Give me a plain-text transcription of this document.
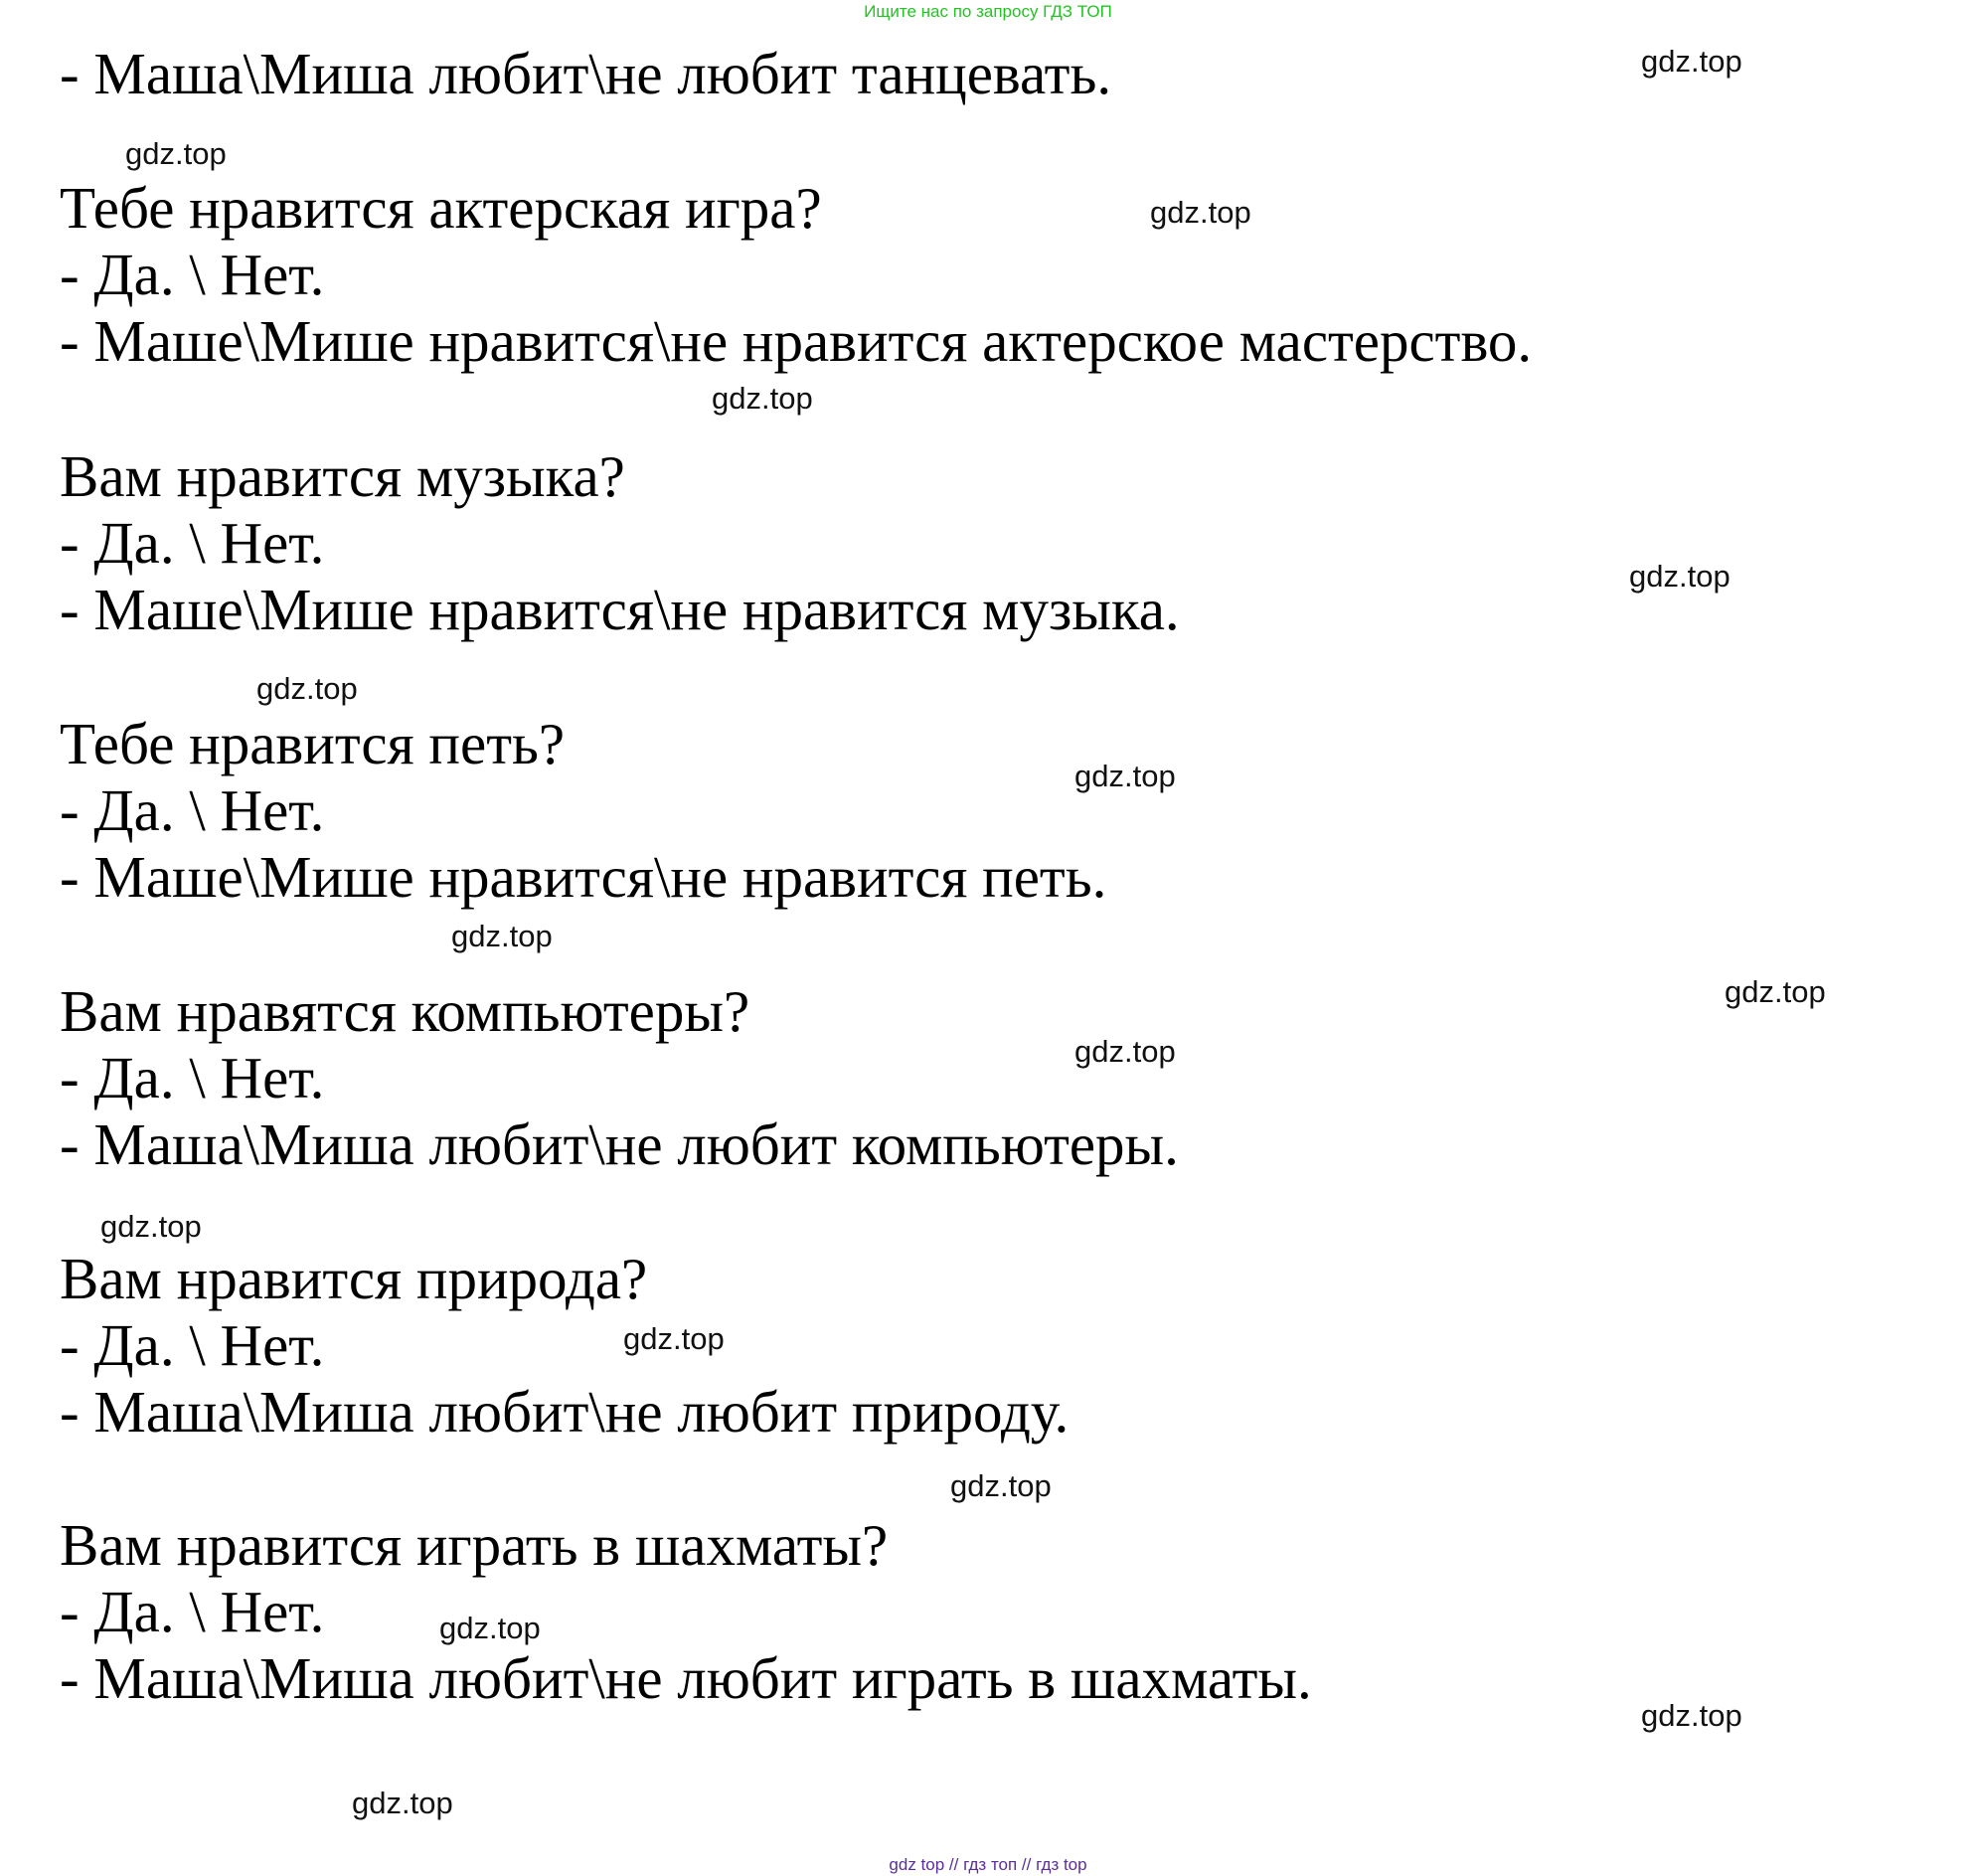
Ищите нас по запросу ГДЗ ТОП
- Маша\Миша любит\не любит танцевать.
Тебе нравится актерская игра?
- Да. \ Нет.
- Маше\Мише нравится\не нравится актерское мастерство.
Вам нравится музыка?
- Да. \ Нет.
- Маше\Мише нравится\не нравится музыка.
Тебе нравится петь?
- Да. \ Нет.
- Маше\Мише нравится\не нравится петь.
Вам нравятся компьютеры?
- Да. \ Нет.
- Маша\Миша любит\не любит компьютеры.
Вам нравится природа?
- Да. \ Нет.
- Маша\Миша любит\не любит природу.
Вам нравится играть в шахматы?
- Да. \ Нет.
- Маша\Миша любит\не любит играть в шахматы.
gdz.top
gdz.top
gdz.top
gdz.top
gdz.top
gdz.top
gdz.top
gdz.top
gdz.top
gdz.top
gdz.top
gdz.top
gdz.top
gdz.top
gdz.top
gdz.top
gdz top // гдз топ // гдз top
